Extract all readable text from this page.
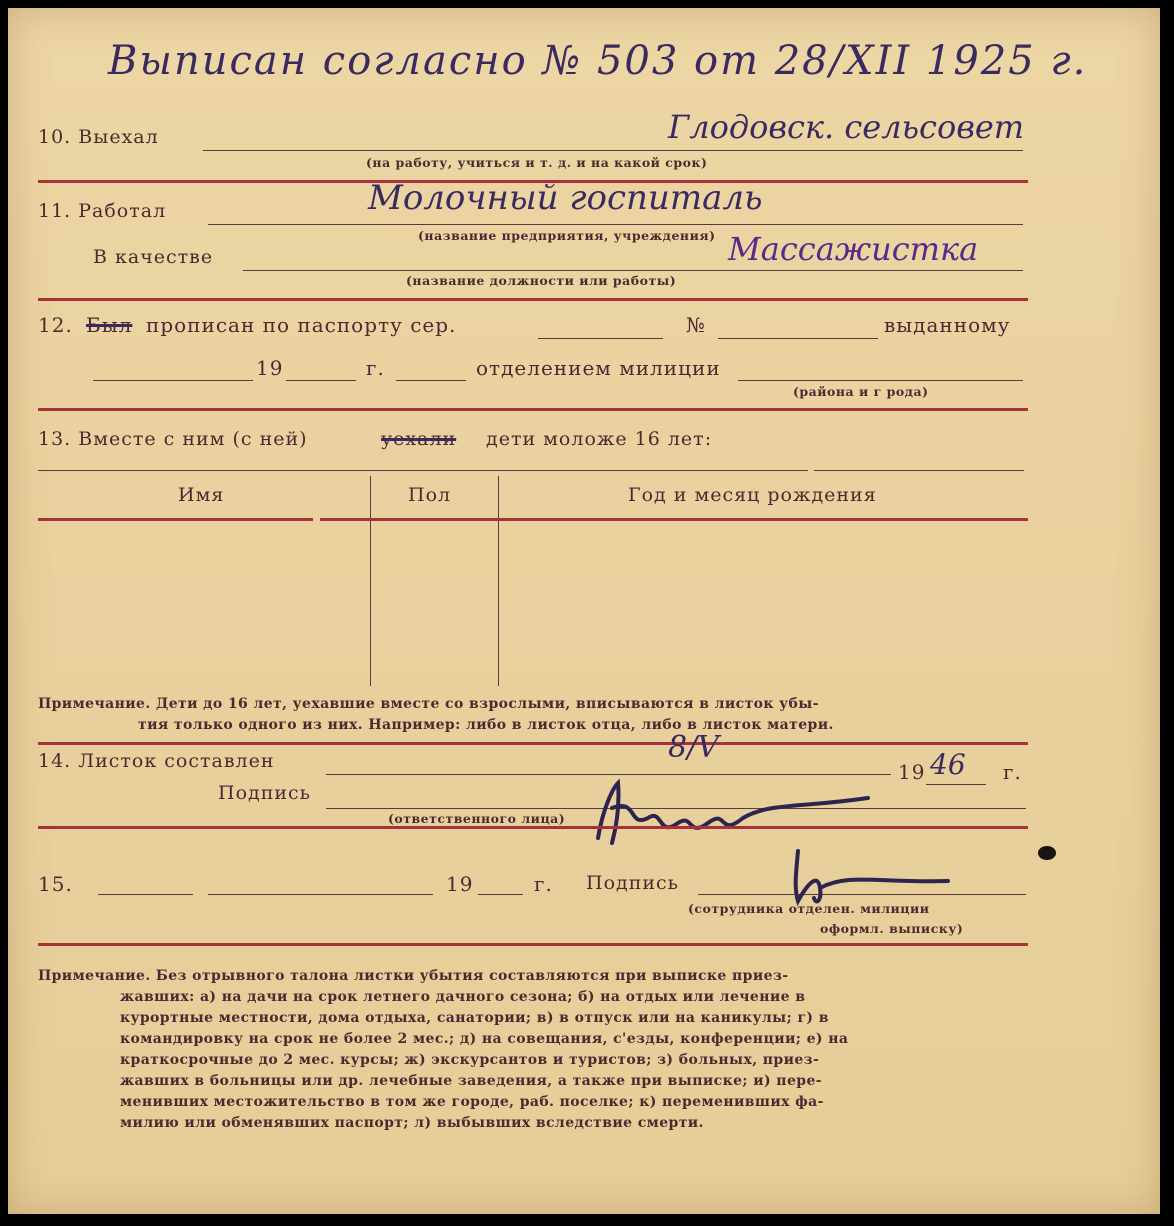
Выписан согласно № 503 от 28/XII 1925 г.
10. Выехал	Глодовск. сельсовет
(на работу, учиться и т. д. и на какой срок)
11. Работал	Молочный госпиталь
(название предприятия, учреждения)
В качестве	Массажистка
(название должности или работы)
12. Был прописан по паспорту сер.	№	выданному
19	г.	отделением милиции
(района и г рода)
13. Вместе с ним (с ней)	уехали дети моложе 16 лет:
Имя	Пол	Год и месяц рождения
Примечание. Дети до 16 лет, уехавшие вместе со взрослыми, вписываются в листок убы-
тия только одного из них. Например: либо в листок отца, либо в листок матери.
14. Листок составлен	8/V
19 46 г.
Подпись
(ответственного лица)
15.	19	г. Подпись
(сотрудника отделен. милиции
оформл. выписку)
Примечание. Без отрывного талона листки убытия составляются при выписке приез-
жавших: а) на дачи на срок летнего дачного сезона; б) на отдых или лечение в
курортные местности, дома отдыха, санатории; в) в отпуск или на каникулы; г) в
командировку на срок не более 2 мес.; д) на совещания, с'езды, конференции; е) на
краткосрочные до 2 мес. курсы; ж) экскурсантов и туристов; з) больных, приез-
жавших в больницы или др. лечебные заведения, а также при выписке; и) пере-
менивших местожительство в том же городе, раб. поселке; к) переменивших фа-
милию или обменявших паспорт; л) выбывших вследствие смерти.
